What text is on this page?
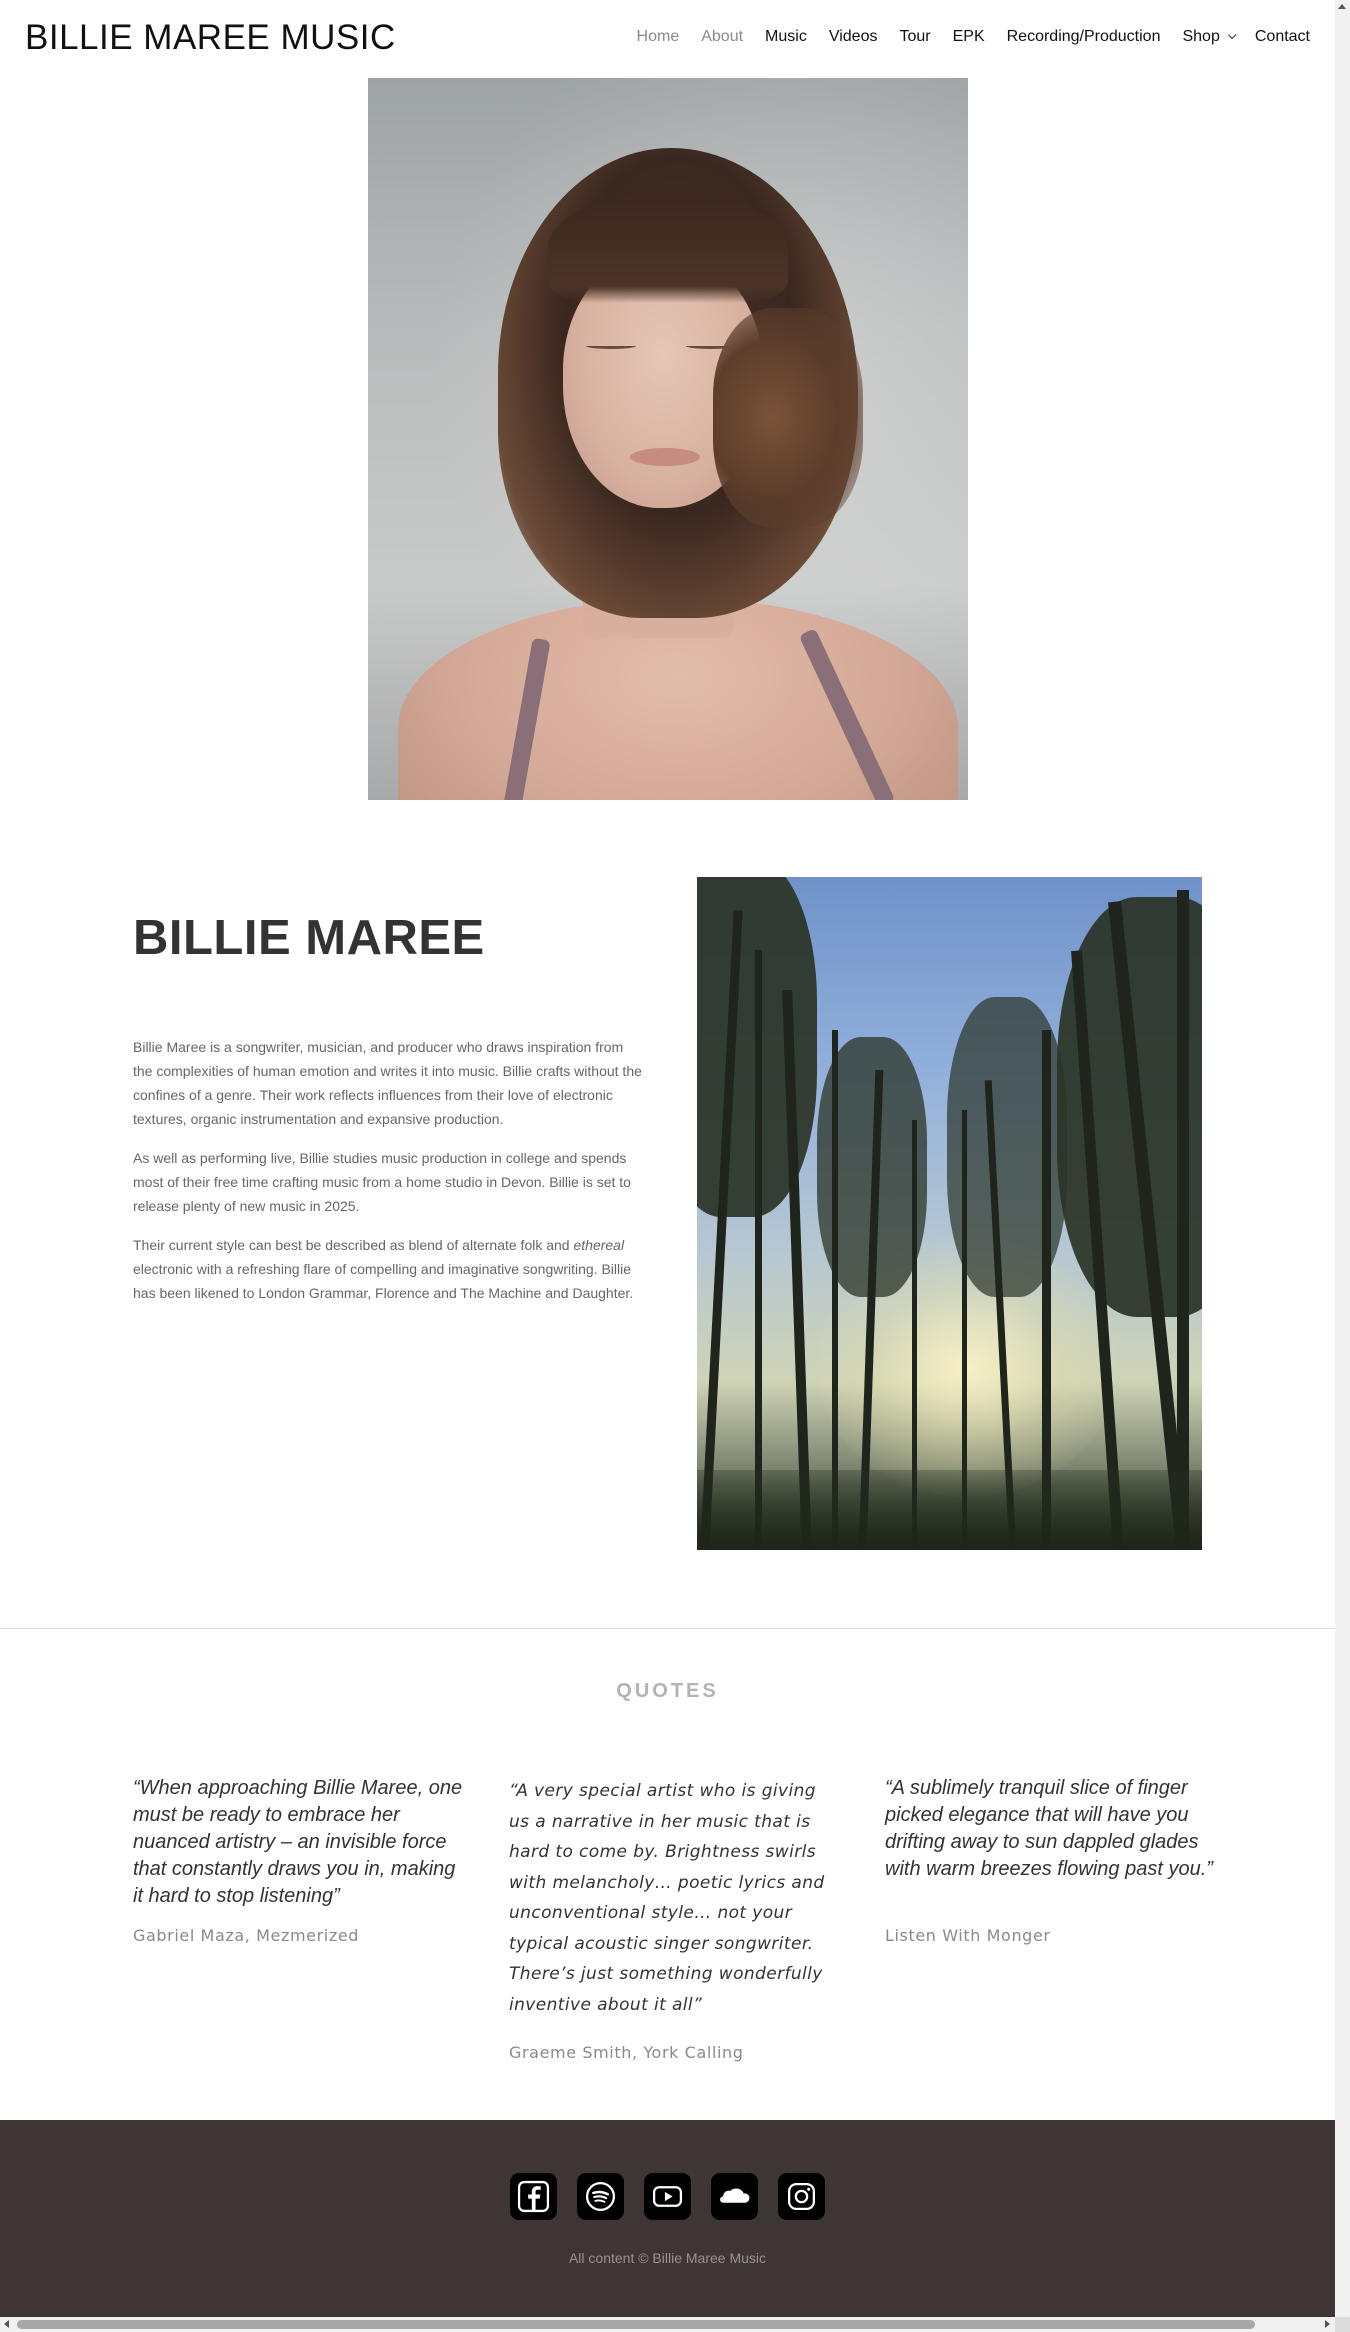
BILLIE MAREE MUSIC	Home About Music Videos Tour EPK Recording/Production Shop Contact
BILLIE MAREE

Billie Maree is a songwriter, musician, and producer who draws inspiration from the complexities of human emotion and writes it into music. Billie crafts without the confines of a genre. Their work reflects influences from their love of electronic textures, organic instrumentation and expansive production.

As well as performing live, Billie studies music production in college and spends most of their free time crafting music from a home studio in Devon. Billie is set to release plenty of new music in 2025.

Their current style can best be described as blend of alternate folk and ethereal electronic with a refreshing flare of compelling and imaginative songwriting. Billie has been likened to London Grammar, Florence and The Machine and Daughter.

QUOTES
“When approaching Billie Maree, one must be ready to embrace her nuanced artistry – an invisible force that constantly draws you in, making it hard to stop listening”
Gabriel Maza, Mezmerized
“A very special artist who is giving us a narrative in her music that is hard to come by. Brightness swirls with melancholy… poetic lyrics and unconventional style… not your typical acoustic singer songwriter. There’s just something wonderfully inventive about it all”
Graeme Smith, York Calling
“A sublimely tranquil slice of finger picked elegance that will have you drifting away to sun dappled glades with warm breezes flowing past you.”
Listen With Monger
All content © Billie Maree Music
